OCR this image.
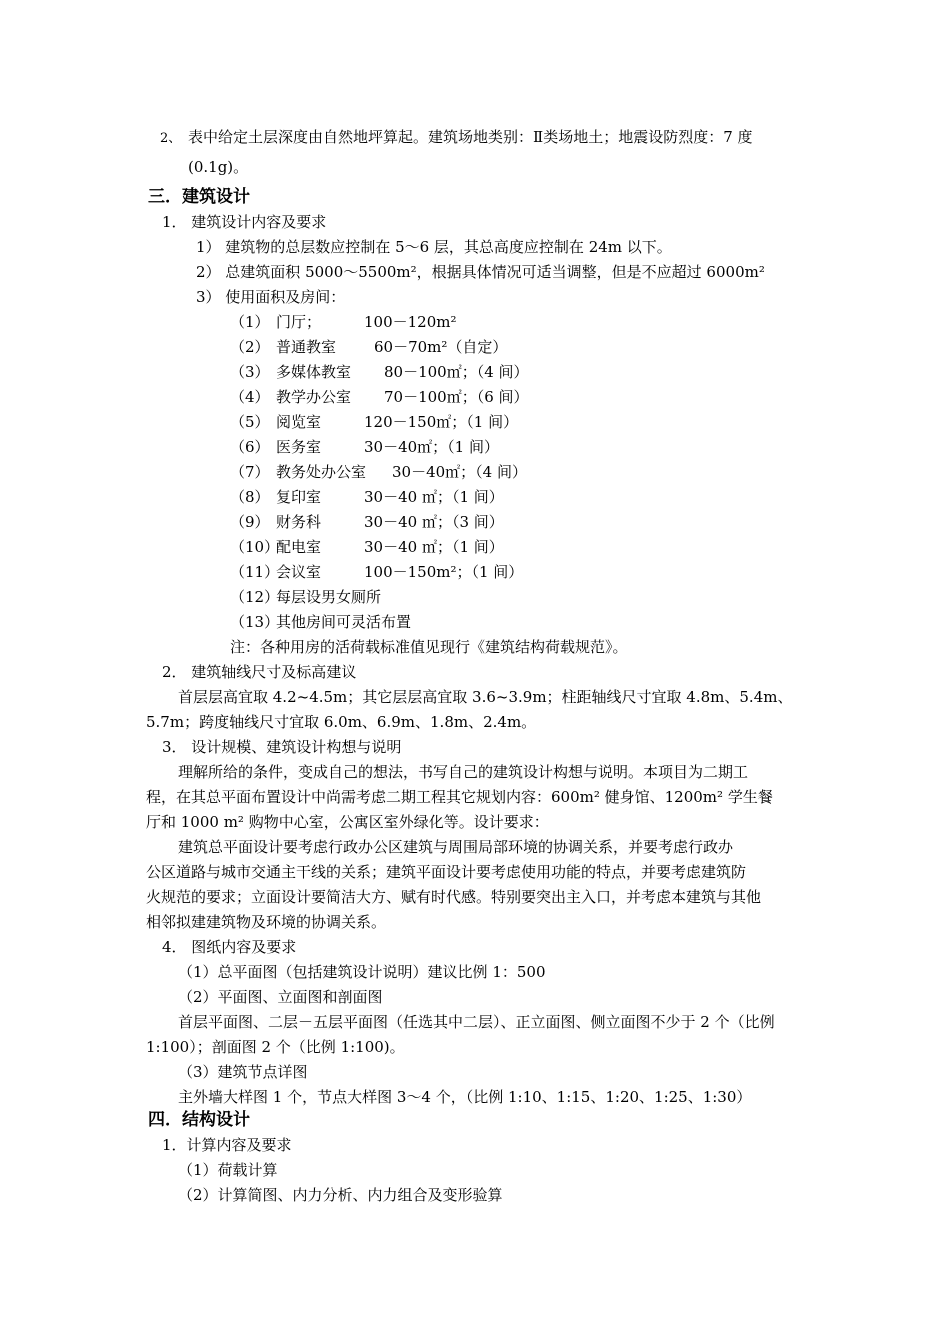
2、 表中给定土层深度由自然地坪算起。建筑场地类别：Ⅱ类场地土；地震设防烈度：7 度
(0.1g)。
三．建筑设计
1． 建筑设计内容及要求
1） 建筑物的总层数应控制在 5～6 层，其总高度应控制在 24m 以下。
2） 总建筑面积 5000～5500m²，根据具体情况可适当调整，但是不应超过 6000m²
3） 使用面积及房间：
（1） 门厅；	100－120m²
（2） 普通教室	60－70m²（自定）
（3） 多媒体教室 80－100㎡；（4 间）
（4） 教学办公室 70－100㎡；（6 间）
（5） 阅览室	120－150㎡；（1 间）
（6） 医务室	30－40㎡；（1 间）
（7） 教务处办公室 30－40㎡；（4 间）
（8） 复印室	30－40 ㎡；（1 间）
（9） 财务科	30－40 ㎡；（3 间）
（10）配电室	30－40 ㎡；（1 间）
（11）会议室	100－150m²；（1 间）
（12）每层设男女厕所
（13）其他房间可灵活布置
注：各种用房的活荷载标准值见现行《建筑结构荷载规范》。
2． 建筑轴线尺寸及标高建议
首层层高宜取 4.2~4.5m；其它层层高宜取 3.6~3.9m；柱距轴线尺寸宜取 4.8m、5.4m、
5.7m；跨度轴线尺寸宜取 6.0m、6.9m、1.8m、2.4m。
3． 设计规模、建筑设计构想与说明
理解所给的条件，变成自己的想法，书写自己的建筑设计构想与说明。本项目为二期工
程，在其总平面布置设计中尚需考虑二期工程其它规划内容：600m² 健身馆、1200m² 学生餐
厅和 1000 m² 购物中心室，公寓区室外绿化等。设计要求：
建筑总平面设计要考虑行政办公区建筑与周围局部环境的协调关系，并要考虑行政办
公区道路与城市交通主干线的关系；建筑平面设计要考虑使用功能的特点，并要考虑建筑防
火规范的要求；立面设计要简洁大方、赋有时代感。特别要突出主入口，并考虑本建筑与其他
相邻拟建建筑物及环境的协调关系。
4． 图纸内容及要求
（1）总平面图（包括建筑设计说明）建议比例 1：500
（2）平面图、立面图和剖面图
首层平面图、二层－五层平面图（任选其中二层）、正立面图、侧立面图不少于 2 个（比例
1:100）；剖面图 2 个（比例 1:100)。
（3）建筑节点详图
主外墙大样图 1 个，节点大样图 3～4 个，（比例 1:10、1:15、1:20、1:25、1:30）
四．结构设计
1．计算内容及要求
（1）荷载计算
（2）计算简图、内力分析、内力组合及变形验算
